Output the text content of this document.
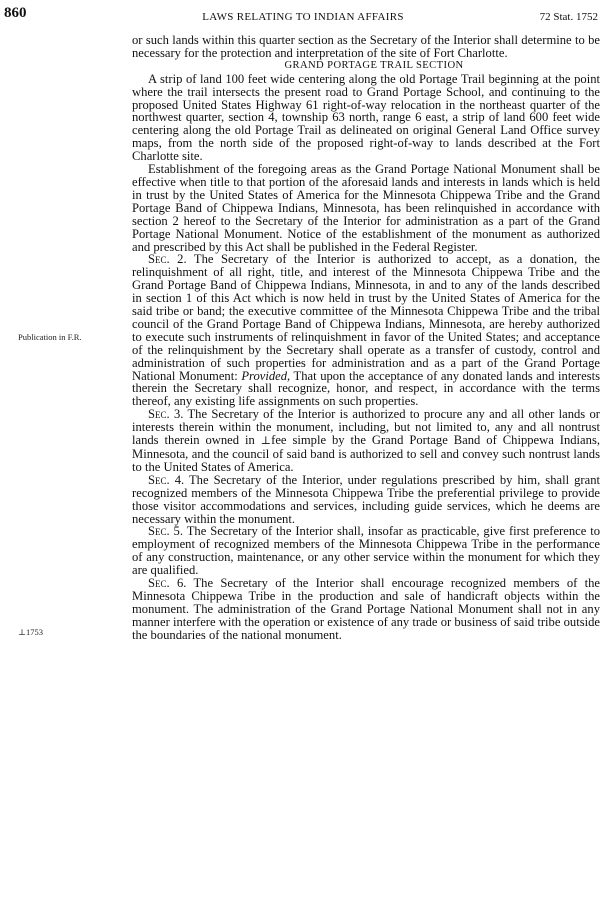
860	LAWS RELATING TO INDIAN AFFAIRS	72 Stat. 1752
Publication in F.R.
⊥1753

or such lands within this quarter section as the Secretary of the Interior shall determine to be necessary for the protection and interpretation of the site of Fort Charlotte.

GRAND PORTAGE TRAIL SECTION

A strip of land 100 feet wide centering along the old Portage Trail beginning at the point where the trail intersects the present road to Grand Portage School, and continuing to the proposed United States Highway 61 right-of-way relocation in the northeast quarter of the northwest quarter, section 4, township 63 north, range 6 east, a strip of land 600 feet wide centering along the old Portage Trail as delineated on original General Land Office survey maps, from the north side of the proposed right-of-way to lands described at the Fort Charlotte site.

Establishment of the foregoing areas as the Grand Portage National Monument shall be effective when title to that portion of the aforesaid lands and interests in lands which is held in trust by the United States of America for the Minnesota Chippewa Tribe and the Grand Portage Band of Chippewa Indians, Minnesota, has been relinquished in accordance with section 2 hereof to the Secretary of the Interior for administration as a part of the Grand Portage National Monument. Notice of the establishment of the monument as authorized and prescribed by this Act shall be published in the Federal Register.

Sec. 2. The Secretary of the Interior is authorized to accept, as a donation, the relinquishment of all right, title, and interest of the Minnesota Chippewa Tribe and the Grand Portage Band of Chippewa Indians, Minnesota, in and to any of the lands described in section 1 of this Act which is now held in trust by the United States of America for the said tribe or band; the executive committee of the Minnesota Chippewa Tribe and the tribal council of the Grand Portage Band of Chippewa Indians, Minnesota, are hereby authorized to execute such instruments of relinquishment in favor of the United States; and acceptance of the relinquishment by the Secretary shall operate as a transfer of custody, control and administration of such properties for administration and as a part of the Grand Portage National Monument: Provided, That upon the acceptance of any donated lands and interests therein the Secretary shall recognize, honor, and respect, in accordance with the terms thereof, any existing life assignments on such properties.

Sec. 3. The Secretary of the Interior is authorized to procure any and all other lands or interests therein within the monument, including, but not limited to, any and all nontrust lands therein owned in ⊥fee simple by the Grand Portage Band of Chippewa Indians, Minnesota, and the council of said band is authorized to sell and convey such nontrust lands to the United States of America.

Sec. 4. The Secretary of the Interior, under regulations prescribed by him, shall grant recognized members of the Minnesota Chippewa Tribe the preferential privilege to provide those visitor accommodations and services, including guide services, which he deems are necessary within the monument.

Sec. 5. The Secretary of the Interior shall, insofar as practicable, give first preference to employment of recognized members of the Minnesota Chippewa Tribe in the performance of any construction, maintenance, or any other service within the monument for which they are qualified.

Sec. 6. The Secretary of the Interior shall encourage recognized members of the Minnesota Chippewa Tribe in the production and sale of handicraft objects within the monument. The administration of the Grand Portage National Monument shall not in any manner interfere with the operation or existence of any trade or business of said tribe outside the boundaries of the national monument.
